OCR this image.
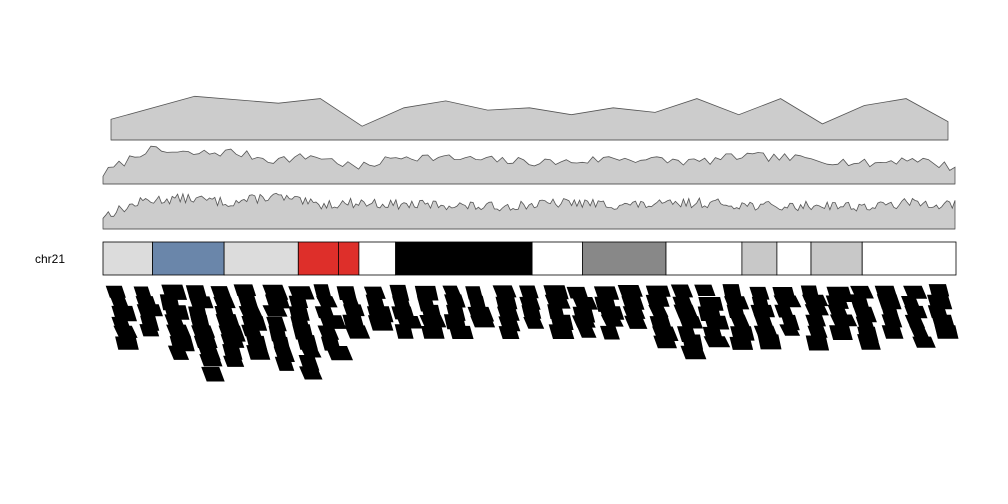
chr21
